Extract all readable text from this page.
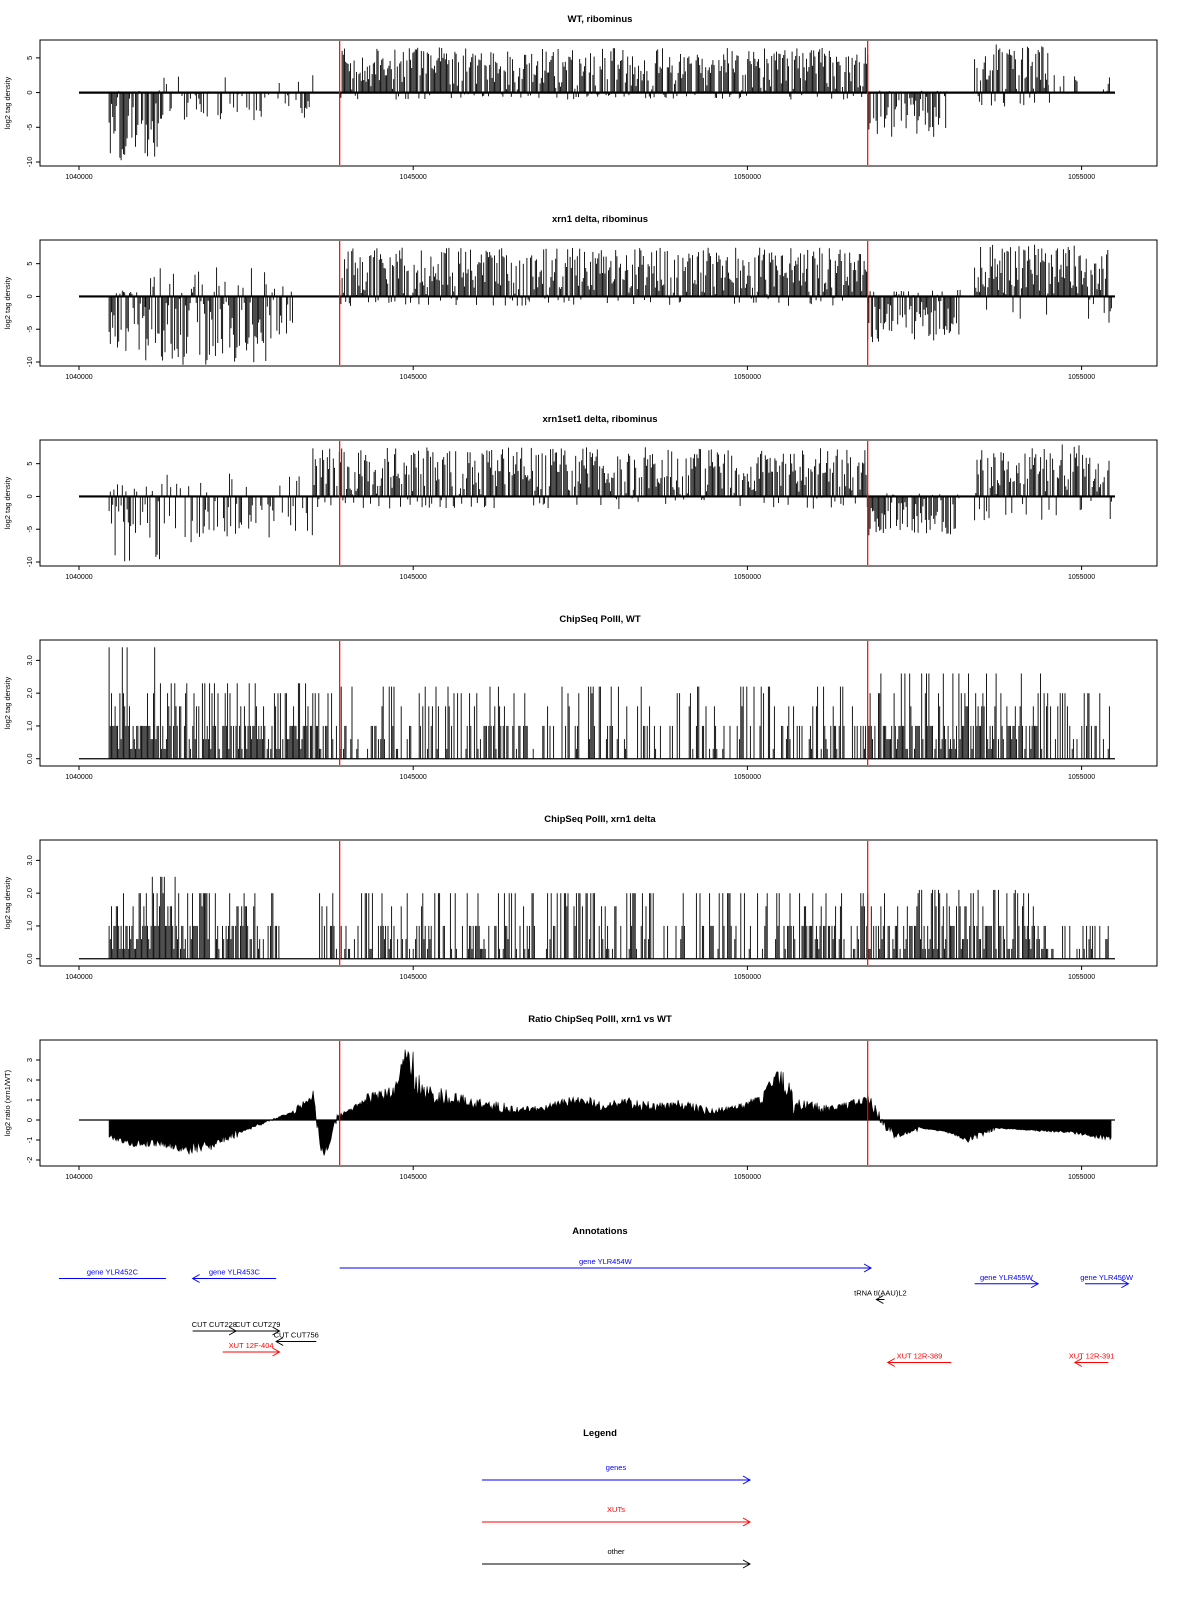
WT, ribominus
5
0
-5
-10
log2 tag density
1040000	1045000	1050000	1055000
xrn1 delta, ribominus
5
0
-5
-10
log2 tag density
1040000	1045000	1050000	1055000
xrn1set1 delta, ribominus
5
0
-5
-10
log2 tag density
1040000	1045000	1050000	1055000
ChipSeq PolII, WT
0.0
1.0
2.0
3.0
log2 tag density
1040000	1045000	1050000	1055000
ChipSeq PolII, xrn1 delta
0.0
1.0
2.0
3.0
log2 tag density
1040000	1045000	1050000	1055000
Ratio ChipSeq PolII, xrn1 vs WT
-2
-1
0
1
2
3
log2 ratio (xrn1/WT)
1040000	1045000	1050000	1055000
Annotations
gene YLR452C	gene YLR453C
gene YLR454W
gene YLR455W	gene YLR456W
tRNA tI(AAU)L2
CUT CUT228
CUT CUT279
CUT CUT756
XUT 12F-404
XUT 12R-389	XUT 12R-391
Legend
genes
XUTs
other
